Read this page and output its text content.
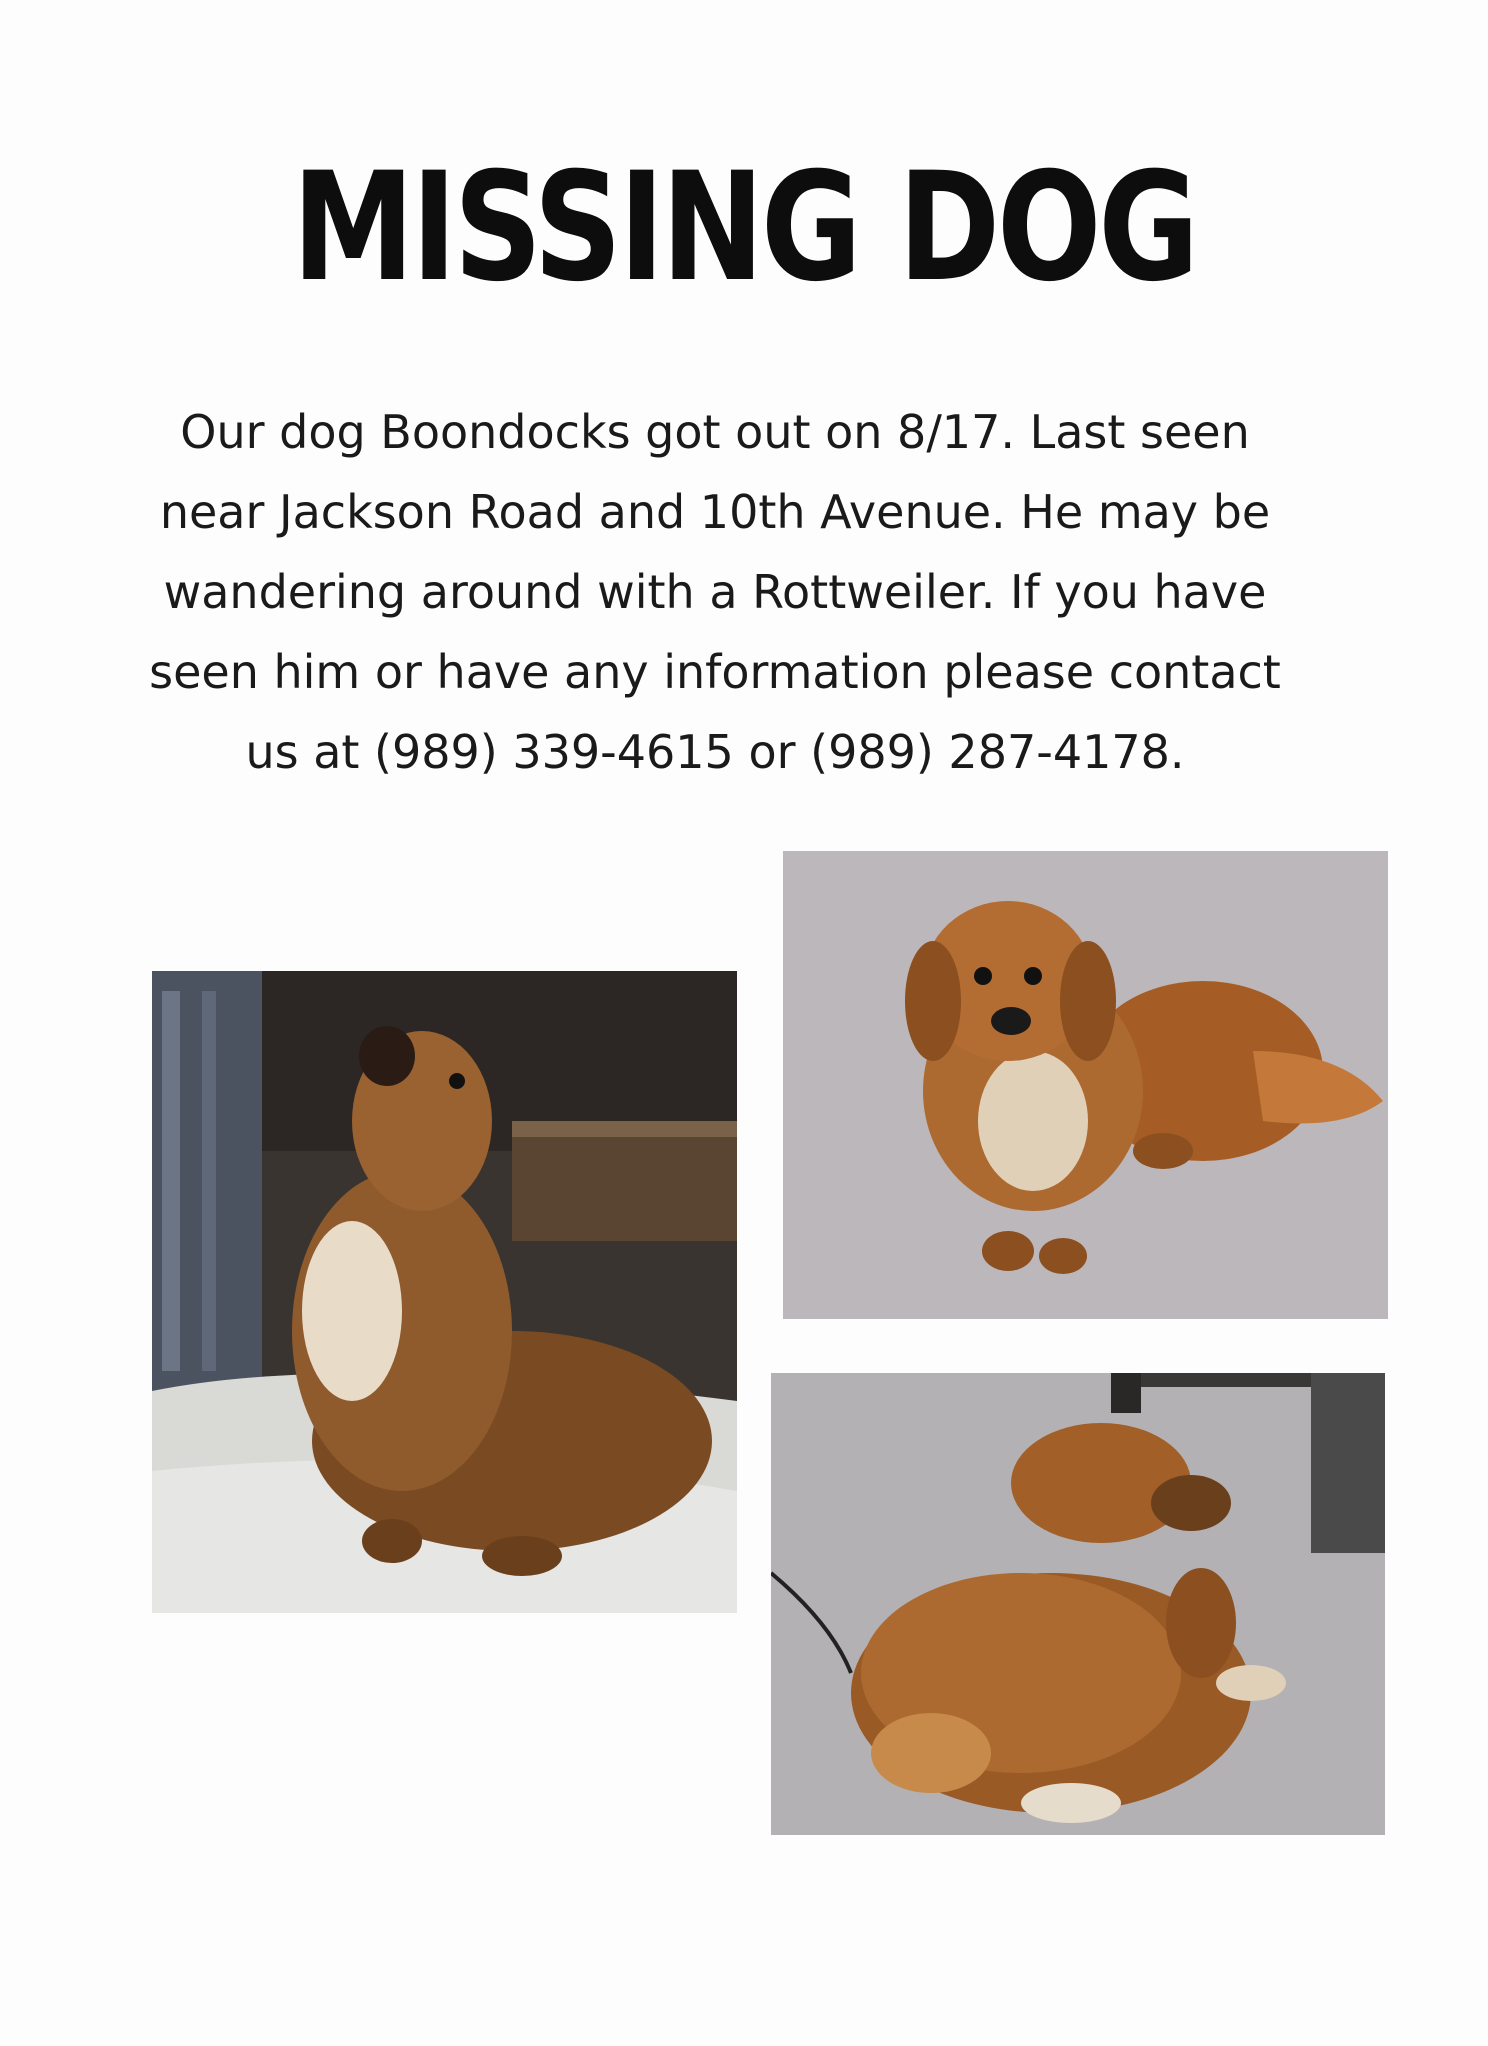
MISSING DOG
Our dog Boondocks got out on 8/17. Last seen near Jackson Road and 10th Avenue. He may be wandering around with a Rottweiler. If you have seen him or have any information please contact us at (989) 339-4615 or (989) 287-4178.
